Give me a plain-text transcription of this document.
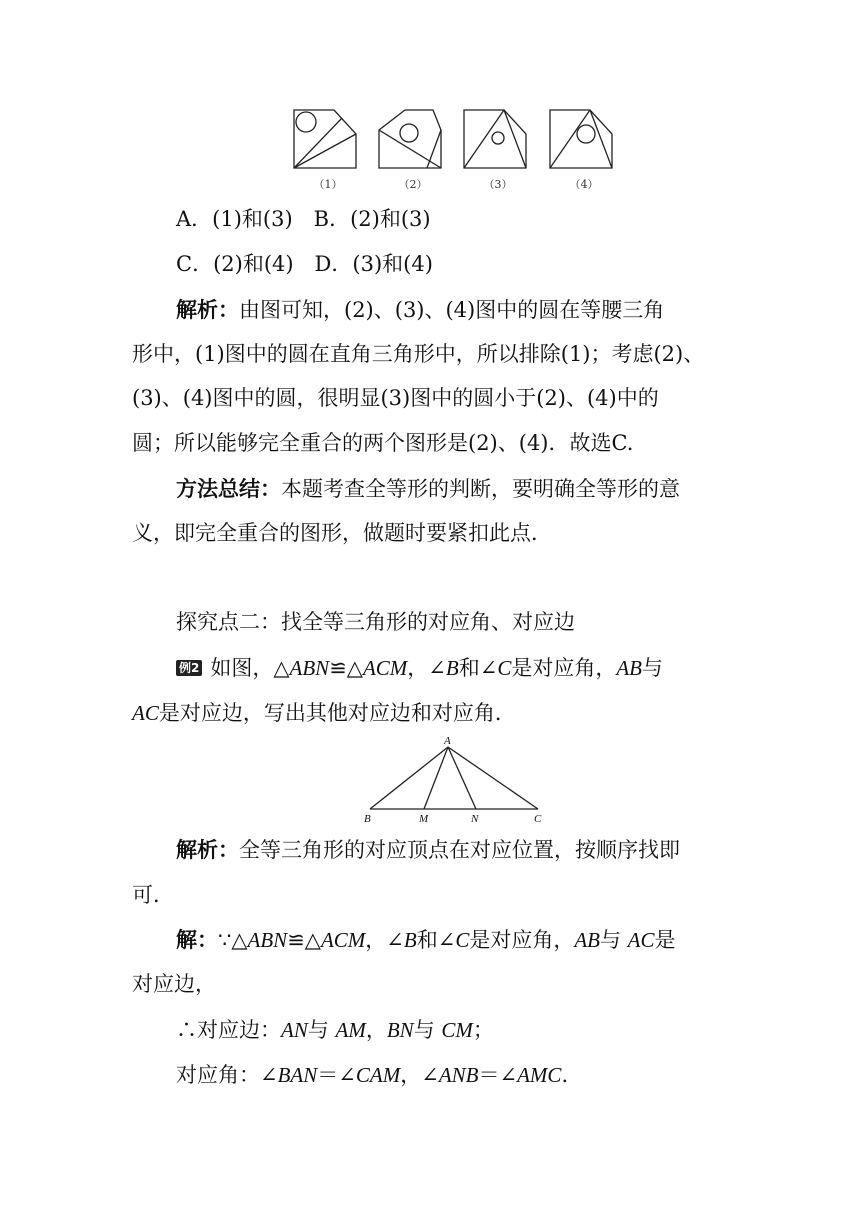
（1）	（2）	（3）	（4）
A．(1)和(3)　B．(2)和(3)
C．(2)和(4)　D．(3)和(4)
解析：由图可知，(2)、(3)、(4)图中的圆在等腰三角
形中，(1)图中的圆在直角三角形中，所以排除(1)；考虑(2)、
(3)、(4)图中的圆，很明显(3)图中的圆小于(2)、(4)中的
圆；所以能够完全重合的两个图形是(2)、(4)．故选C.
方法总结：本题考查全等形的判断，要明确全等形的意
义，即完全重合的图形，做题时要紧扣此点．
探究点二：找全等三角形的对应角、对应边
例2 如图，△ABN≌△ACM，∠B和∠C是对应角，AB与
AC是对应边，写出其他对应边和对应角．
A
B	M	N	C
解析：全等三角形的对应顶点在对应位置，按顺序找即
可．
解：∵△ABN≌△ACM，∠B和∠C是对应角，AB与 AC是
对应边，
∴对应边：AN与 AM，BN与 CM；
对应角：∠BAN＝∠CAM，∠ANB＝∠AMC.
